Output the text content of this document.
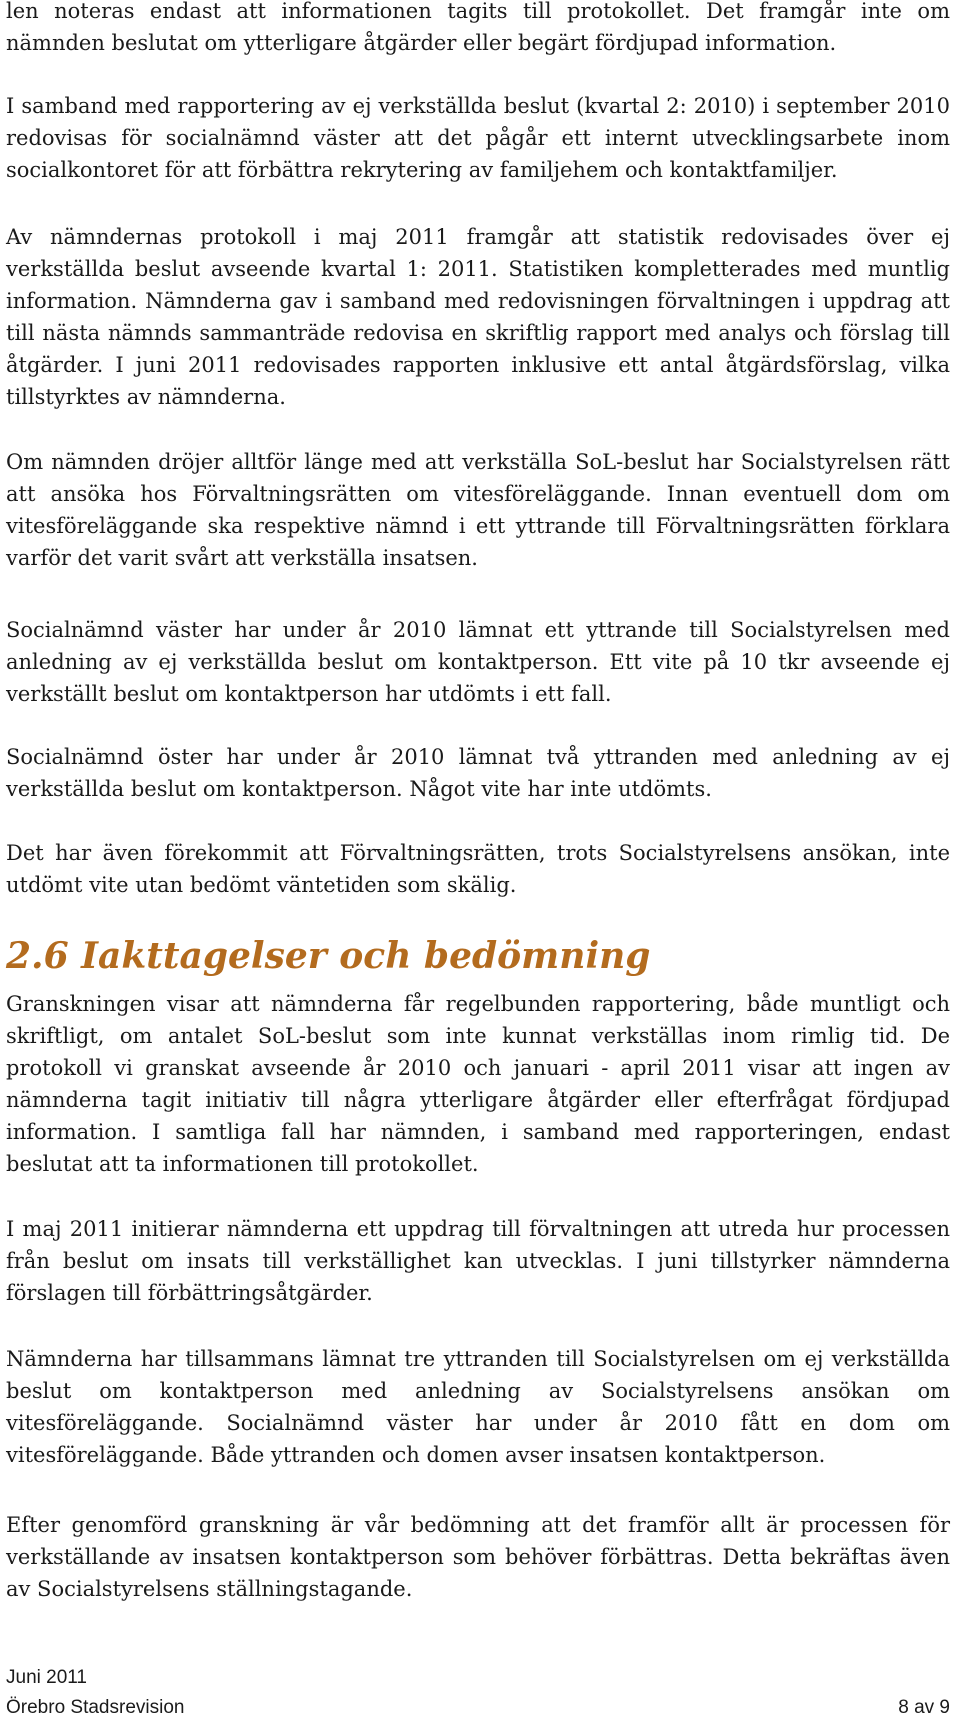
len noteras endast att informationen tagits till protokollet. Det framgår inte om nämnden beslutat om ytterligare åtgärder eller begärt fördjupad information.

I samband med rapportering av ej verkställda beslut (kvartal 2: 2010) i september 2010 redovisas för socialnämnd väster att det pågår ett internt utvecklingsarbete inom socialkontoret för att förbättra rekrytering av familjehem och kontaktfamiljer.

Av nämndernas protokoll i maj 2011 framgår att statistik redovisades över ej verkställda beslut avseende kvartal 1: 2011. Statistiken kompletterades med muntlig information. Nämnderna gav i samband med redovisningen förvaltningen i uppdrag att till nästa nämnds sammanträde redovisa en skriftlig rapport med analys och förslag till åtgärder. I juni 2011 redovisades rapporten inklusive ett antal åtgärdsförslag, vilka tillstyrktes av nämnderna.

Om nämnden dröjer alltför länge med att verkställa SoL-beslut har Socialstyrelsen rätt att ansöka hos Förvaltningsrätten om vitesföreläggande. Innan eventuell dom om vitesföreläggande ska respektive nämnd i ett yttrande till Förvaltningsrätten förklara varför det varit svårt att verkställa insatsen.

Socialnämnd väster har under år 2010 lämnat ett yttrande till Socialstyrelsen med anledning av ej verkställda beslut om kontaktperson. Ett vite på 10 tkr avseende ej verkställt beslut om kontaktperson har utdömts i ett fall.

Socialnämnd öster har under år 2010 lämnat två yttranden med anledning av ej verkställda beslut om kontaktperson. Något vite har inte utdömts.

Det har även förekommit att Förvaltningsrätten, trots Socialstyrelsens ansökan, inte utdömt vite utan bedömt väntetiden som skälig.

2.6 Iakttagelser och bedömning

Granskningen visar att nämnderna får regelbunden rapportering, både muntligt och skriftligt, om antalet SoL-beslut som inte kunnat verkställas inom rimlig tid. De protokoll vi granskat avseende år 2010 och januari - april 2011 visar att ingen av nämnderna tagit initiativ till några ytterligare åtgärder eller efterfrågat fördjupad information. I samtliga fall har nämnden, i samband med rapporteringen, endast beslutat att ta informationen till protokollet.

I maj 2011 initierar nämnderna ett uppdrag till förvaltningen att utreda hur processen från beslut om insats till verkställighet kan utvecklas. I juni tillstyrker nämnderna förslagen till förbättringsåtgärder.

Nämnderna har tillsammans lämnat tre yttranden till Socialstyrelsen om ej verkställda beslut om kontaktperson med anledning av Socialstyrelsens ansökan om vitesföreläggande. Socialnämnd väster har under år 2010 fått en dom om vitesföreläggande. Både yttranden och domen avser insatsen kontaktperson.

Efter genomförd granskning är vår bedömning att det framför allt är processen för verkställande av insatsen kontaktperson som behöver förbättras. Detta bekräftas även av Socialstyrelsens ställningstagande.

Juni 2011
Örebro Stadsrevision	8 av 9
